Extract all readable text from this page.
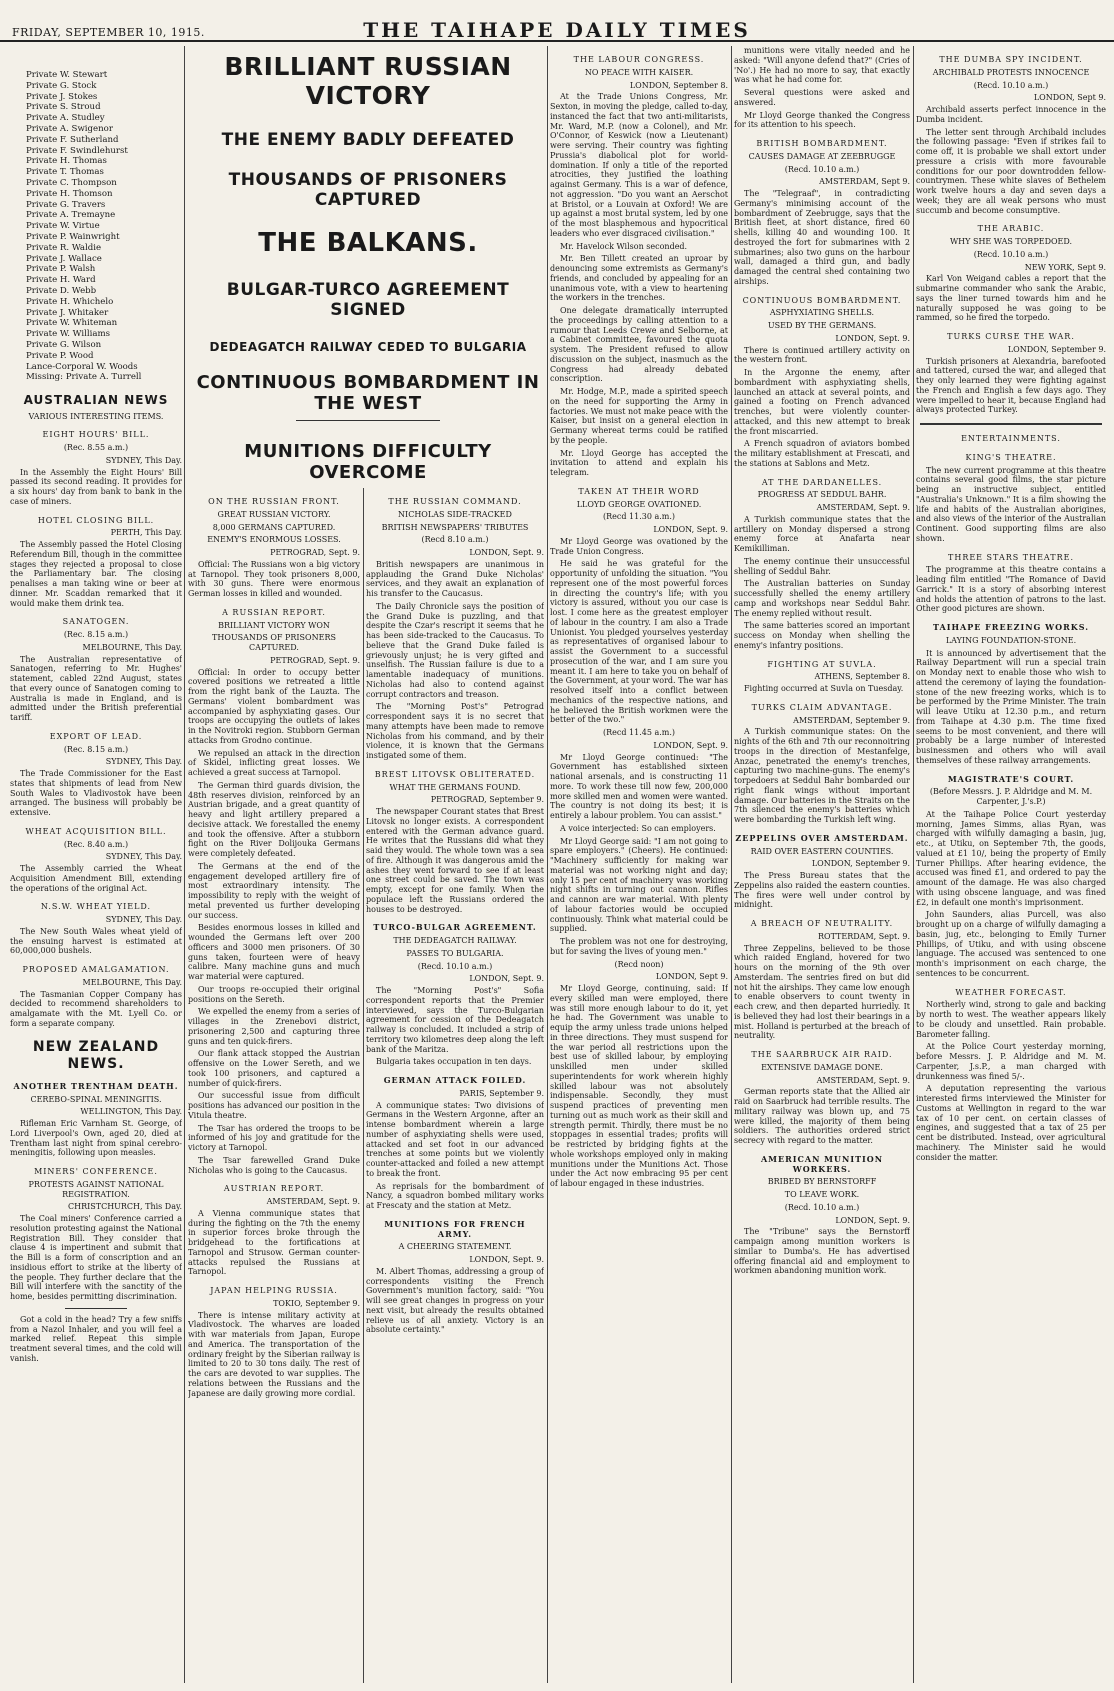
FRIDAY, SEPTEMBER 10, 1915.	THE TAIHAPE DAILY TIMES
Private W. Stewart
Private G. Stock
Private J. Stokes
Private S. Stroud
Private A. Studley
Private A. Swigenor
Private F. Sutherland
Private F. Swindlehurst
Private H. Thomas
Private T. Thomas
Private C. Thompson
Private H. Thomson
Private G. Travers
Private A. Tremayne
Private W. Virtue
Private P. Wainwright
Private R. Waldie
Private J. Wallace
Private P. Walsh
Private H. Ward
Private D. Webb
Private H. Whichelo
Private J. Whitaker
Private W. Whiteman
Private W. Williams
Private G. Wilson
Private P. Wood
Lance-Corporal W. Woods
Missing: Private A. Turrell
AUSTRALIAN NEWS
VARIOUS INTERESTING ITEMS.
EIGHT HOURS' BILL.
(Rec. 8.55 a.m.)
SYDNEY, This Day.

In the Assembly the Eight Hours' Bill passed its second reading. It provides for a six hours' day from bank to bank in the case of miners.

HOTEL CLOSING BILL.
PERTH, This Day.

The Assembly passed the Hotel Closing Referendum Bill, though in the committee stages they rejected a proposal to close the Parliamentary bar. The closing penalises a man taking wine or beer at dinner. Mr. Scaddan remarked that it would make them drink tea.

SANATOGEN.
(Rec. 8.15 a.m.)
MELBOURNE, This Day.

The Australian representative of Sanatogen, referring to Mr. Hughes' statement, cabled 22nd August, states that every ounce of Sanatogen coming to Australia is made in England, and is admitted under the British preferential tariff.

EXPORT OF LEAD.
(Rec. 8.15 a.m.)
SYDNEY, This Day.

The Trade Commissioner for the East states that shipments of lead from New South Wales to Vladivostok have been arranged. The business will probably be extensive.

WHEAT ACQUISITION BILL.
(Rec. 8.40 a.m.)
SYDNEY, This Day.

The Assembly carried the Wheat Acquisition Amendment Bill, extending the operations of the original Act.

N.S.W. WHEAT YIELD.
SYDNEY, This Day.

The New South Wales wheat yield of the ensuing harvest is estimated at 60,000,000 bushels.

PROPOSED AMALGAMATION.
MELBOURNE, This Day.

The Tasmanian Copper Company has decided to recommend shareholders to amalgamate with the Mt. Lyell Co. or form a separate company.

NEW ZEALAND NEWS.
ANOTHER TRENTHAM DEATH.
CEREBO-SPINAL MENINGITIS.
WELLINGTON, This Day.

Rifleman Eric Varnham St. George, of Lord Liverpool's Own, aged 20, died at Trentham last night from spinal cerebro-meningitis, following upon measles.

MINERS' CONFERENCE.
PROTESTS AGAINST NATIONAL REGISTRATION.
CHRISTCHURCH, This Day.

The Coal miners' Conference carried a resolution protesting against the National Registration Bill. They consider that clause 4 is impertinent and submit that the Bill is a form of conscription and an insidious effort to strike at the liberty of the people. They further declare that the Bill will interfere with the sanctity of the home, besides permitting discrimination.

Got a cold in the head? Try a few sniffs from a Nazol Inhaler, and you will feel a marked relief. Repeat this simple treatment several times, and the cold will vanish.

BRILLIANT RUSSIAN VICTORY
THE ENEMY BADLY DEFEATED
THOUSANDS OF PRISONERS CAPTURED
THE BALKANS.
BULGAR-TURCO AGREEMENT SIGNED
DEDEAGATCH RAILWAY CEDED TO BULGARIA
CONTINUOUS BOMBARDMENT IN THE WEST
MUNITIONS DIFFICULTY OVERCOME
ON THE RUSSIAN FRONT.
GREAT RUSSIAN VICTORY.
8,000 GERMANS CAPTURED.
ENEMY'S ENORMOUS LOSSES.
PETROGRAD, Sept. 9.

Official: The Russians won a big victory at Tarnopol. They took prisoners 8,000, with 30 guns. There were enormous German losses in killed and wounded.

A RUSSIAN REPORT.
BRILLIANT VICTORY WON
THOUSANDS OF PRISONERS CAPTURED.
PETROGRAD, Sept. 9.

Official: In order to occupy better covered positions we retreated a little from the right bank of the Lauzta. The Germans' violent bombardment was accompanied by asphyxiating gases. Our troops are occupying the outlets of lakes in the Novitroki region. Stubborn German attacks from Grodno continue.

We repulsed an attack in the direction of Skidel, inflicting great losses. We achieved a great success at Tarnopol.

The German third guards division, the 48th reserves division, reinforced by an Austrian brigade, and a great quantity of heavy and light artillery prepared a decisive attack. We forestalled the enemy and took the offensive. After a stubborn fight on the River Dolijouka Germans were completely defeated.

The Germans at the end of the engagement developed artillery fire of most extraordinary intensity. The impossibility to reply with the weight of metal prevented us further developing our success.

Besides enormous losses in killed and wounded the Germans left over 200 officers and 3000 men prisoners. Of 30 guns taken, fourteen were of heavy calibre. Many machine guns and much war material were captured.

Our troops re-occupied their original positions on the Sereth.

We expelled the enemy from a series of villages in the Zrenebovi district, prisonering 2,500 and capturing three guns and ten quick-firers.

Our flank attack stopped the Austrian offensive on the Lower Sereth, and we took 100 prisoners, and captured a number of quick-firers.

Our successful issue from difficult positions has advanced our position in the Vitula theatre.

The Tsar has ordered the troops to be informed of his joy and gratitude for the victory at Tarnopol.

The Tsar farewelled Grand Duke Nicholas who is going to the Caucasus.

AUSTRIAN REPORT.
AMSTERDAM, Sept. 9.

A Vienna communique states that during the fighting on the 7th the enemy in superior forces broke through the bridgehead to the fortifications at Tarnopol and Strusow. German counter-attacks repulsed the Russians at Tarnopol.

JAPAN HELPING RUSSIA.
TOKIO, September 9.

There is intense military activity at Vladivostock. The wharves are loaded with war materials from Japan, Europe and America. The transportation of the ordinary freight by the Siberian railway is limited to 20 to 30 tons daily. The rest of the cars are devoted to war supplies. The relations between the Russians and the Japanese are daily growing more cordial.

THE RUSSIAN COMMAND.
NICHOLAS SIDE-TRACKED
BRITISH NEWSPAPERS' TRIBUTES
(Recd 8.10 a.m.)
LONDON, Sept. 9.

British newspapers are unanimous in applauding the Grand Duke Nicholas' services, and they await an explanation of his transfer to the Caucasus.

The Daily Chronicle says the position of the Grand Duke is puzzling, and that despite the Czar's rescript it seems that he has been side-tracked to the Caucasus. To believe that the Grand Duke failed is grievously unjust; he is very gifted and unselfish. The Russian failure is due to a lamentable inadequacy of munitions. Nicholas had also to contend against corrupt contractors and treason.

The "Morning Post's" Petrograd correspondent says it is no secret that many attempts have been made to remove Nicholas from his command, and by their violence, it is known that the Germans instigated some of them.

BREST LITOVSK OBLITERATED.
WHAT THE GERMANS FOUND.
PETROGRAD, September 9.

The newspaper Courant states that Brest Litovsk no longer exists. A correspondent entered with the German advance guard. He writes that the Russians did what they said they would. The whole town was a sea of fire. Although it was dangerous amid the ashes they went forward to see if at least one street could be saved. The town was empty, except for one family. When the populace left the Russians ordered the houses to be destroyed.

TURCO-BULGAR AGREEMENT.
THE DEDEAGATCH RAILWAY.
PASSES TO BULGARIA.
(Recd. 10.10 a.m.)
LONDON, Sept. 9.

The "Morning Post's" Sofia correspondent reports that the Premier interviewed, says the Turco-Bulgarian agreement for cession of the Dedeagatch railway is concluded. It included a strip of territory two kilometres deep along the left bank of the Maritza.

Bulgaria takes occupation in ten days.

GERMAN ATTACK FOILED.
PARIS, September 9.

A communique states: Two divisions of Germans in the Western Argonne, after an intense bombardment wherein a large number of asphyxiating shells were used, attacked and set foot in our advanced trenches at some points but we violently counter-attacked and foiled a new attempt to break the front.

As reprisals for the bombardment of Nancy, a squadron bombed military works at Frescaty and the station at Metz.

MUNITIONS FOR FRENCH ARMY.
A CHEERING STATEMENT.
LONDON, Sept. 9.

M. Albert Thomas, addressing a group of correspondents visiting the French Government's munition factory, said: "You will see great changes in progress on your next visit, but already the results obtained relieve us of all anxiety. Victory is an absolute certainty."

THE LABOUR CONGRESS.
NO PEACE WITH KAISER.
LONDON, September 8.

At the Trade Unions Congress, Mr. Sexton, in moving the pledge, called to-day, instanced the fact that two anti-militarists, Mr. Ward, M.P. (now a Colonel), and Mr. O'Connor, of Keswick (now a Lieutenant) were serving. Their country was fighting Prussia's diabolical plot for world-domination. If only a title of the reported atrocities, they justified the loathing against Germany. This is a war of defence, not aggression. "Do you want an Aerschot at Bristol, or a Louvain at Oxford! We are up against a most brutal system, led by one of the most blasphemous and hypocritical leaders who ever disgraced civilisation."

Mr. Havelock Wilson seconded.

Mr. Ben Tillett created an uproar by denouncing some extremists as Germany's friends, and concluded by appealing for an unanimous vote, with a view to heartening the workers in the trenches.

One delegate dramatically interrupted the proceedings by calling attention to a rumour that Leeds Crewe and Selborne, at a Cabinet committee, favoured the quota system. The President refused to allow discussion on the subject, inasmuch as the Congress had already debated conscription.

Mr. Hodge, M.P., made a spirited speech on the need for supporting the Army in factories. We must not make peace with the Kaiser, but insist on a general election in Germany whereat terms could be ratified by the people.

Mr. Lloyd George has accepted the invitation to attend and explain his telegram.

TAKEN AT THEIR WORD
LLOYD GEORGE OVATIONED.
(Recd 11.30 a.m.)
LONDON, Sept. 9.

Mr Lloyd George was ovationed by the Trade Union Congress.

He said he was grateful for the opportunity of unfolding the situation. "You represent one of the most powerful forces in directing the country's life; with you victory is assured, without you our case is lost. I come here as the greatest employer of labour in the country. I am also a Trade Unionist. You pledged yourselves yesterday as representatives of organised labour to assist the Government to a successful prosecution of the war, and I am sure you meant it. I am here to take you on behalf of the Government, at your word. The war has resolved itself into a conflict between mechanics of the respective nations, and he believed the British workmen were the better of the two."

(Recd 11.45 a.m.)
LONDON, Sept. 9.

Mr Lloyd George continued: "The Government has established sixteen national arsenals, and is constructing 11 more. To work these till now few, 200,000 more skilled men and women were wanted. The country is not doing its best; it is entirely a labour problem. You can assist."

A voice interjected: So can employers.

Mr Lloyd George said: "I am not going to spare employers." (Cheers). He continued: "Machinery sufficiently for making war material was not working night and day; only 15 per cent of machinery was working night shifts in turning out cannon. Rifles and cannon are war material. With plenty of labour factories would be occupied continuously. Think what material could be supplied.

The problem was not one for destroying, but for saving the lives of young men."

(Recd noon)
LONDON, Sept 9.

Mr Lloyd George, continuing, said: If every skilled man were employed, there was still more enough labour to do it, yet he had. The Government was unable to equip the army unless trade unions helped in three directions. They must suspend for the war period all restrictions upon the best use of skilled labour, by employing unskilled men under skilled superintendents for work wherein highly skilled labour was not absolutely indispensable. Secondly, they must suspend practices of preventing men turning out as much work as their skill and strength permit. Thirdly, there must be no stoppages in essential trades; profits will be restricted by bridging fights at the whole workshops employed only in making munitions under the Munitions Act. Those under the Act now embracing 95 per cent of labour engaged in these industries.

munitions were vitally needed and he asked: "Will anyone defend that?" (Cries of 'No'.) He had no more to say, that exactly was what he had come for.

Several questions were asked and answered.

Mr Lloyd George thanked the Congress for its attention to his speech.

BRITISH BOMBARDMENT.
CAUSES DAMAGE AT ZEEBRUGGE
(Recd. 10.10 a.m.)
AMSTERDAM, Sept 9.

The "Telegraaf", in contradicting Germany's minimising account of the bombardment of Zeebrugge, says that the British fleet, at short distance, fired 60 shells, killing 40 and wounding 100. It destroyed the fort for submarines with 2 submarines; also two guns on the harbour wall, damaged a third gun, and badly damaged the central shed containing two airships.

CONTINUOUS BOMBARDMENT.
ASPHYXIATING SHELLS.
USED BY THE GERMANS.
LONDON, Sept. 9.

There is continued artillery activity on the western front.

In the Argonne the enemy, after bombardment with asphyxiating shells, launched an attack at several points, and gained a footing on French advanced trenches, but were violently counter-attacked, and this new attempt to break the front miscarried.

A French squadron of aviators bombed the military establishment at Frescati, and the stations at Sablons and Metz.

AT THE DARDANELLES.
PROGRESS AT SEDDUL BAHR.
AMSTERDAM, Sept. 9.

A Turkish communique states that the artillery on Monday dispersed a strong enemy force at Anafarta near Kemikilliman.

The enemy continue their unsuccessful shelling of Seddul Bahr.

The Australian batteries on Sunday successfully shelled the enemy artillery camp and workshops near Seddul Bahr. The enemy replied without result.

The same batteries scored an important success on Monday when shelling the enemy's infantry positions.

FIGHTING AT SUVLA.
ATHENS, September 8.

Fighting occurred at Suvla on Tuesday.

TURKS CLAIM ADVANTAGE.
AMSTERDAM, September 9.

A Turkish communique states: On the nights of the 6th and 7th our reconnoitring troops in the direction of Mestanfelge, Anzac, penetrated the enemy's trenches, capturing two machine-guns. The enemy's torpedoers at Seddul Bahr bombarded our right flank wings without important damage. Our batteries in the Straits on the 7th silenced the enemy's batteries which were bombarding the Turkish left wing.

ZEPPELINS OVER AMSTERDAM.
RAID OVER EASTERN COUNTIES.
LONDON, September 9.

The Press Bureau states that the Zeppelins also raided the eastern counties. The fires were well under control by midnight.

A BREACH OF NEUTRALITY.
ROTTERDAM, Sept. 9.

Three Zeppelins, believed to be those which raided England, hovered for two hours on the morning of the 9th over Amsterdam. The sentries fired on but did not hit the airships. They came low enough to enable observers to count twenty in each crew, and then departed hurriedly. It is believed they had lost their bearings in a mist. Holland is perturbed at the breach of neutrality.

THE SAARBRUCK AIR RAID.
EXTENSIVE DAMAGE DONE.
AMSTERDAM, Sept. 9.

German reports state that the Allied air raid on Saarbruck had terrible results. The military railway was blown up, and 75 were killed, the majority of them being soldiers. The authorities ordered strict secrecy with regard to the matter.

AMERICAN MUNITION WORKERS.
BRIBED BY BERNSTORFF
TO LEAVE WORK.
(Recd. 10.10 a.m.)
LONDON, Sept. 9.

The "Tribune" says the Bernstorff campaign among munition workers is similar to Dumba's. He has advertised offering financial aid and employment to workmen abandoning munition work.

THE DUMBA SPY INCIDENT.
ARCHIBALD PROTESTS INNOCENCE
(Recd. 10.10 a.m.)
LONDON, Sept 9.

Archibald asserts perfect innocence in the Dumba incident.

The letter sent through Archibald includes the following passage: "Even if strikes fail to come off, it is probable we shall extort under pressure a crisis with more favourable conditions for our poor downtrodden fellow-countrymen. These white slaves of Bethelem work twelve hours a day and seven days a week; they are all weak persons who must succumb and become consumptive.

THE ARABIC.
WHY SHE WAS TORPEDOED.
(Recd. 10.10 a.m.)
NEW YORK, Sept 9.

Karl Von Weigand cables a report that the submarine commander who sank the Arabic, says the liner turned towards him and he naturally supposed he was going to be rammed, so he fired the torpedo.

TURKS CURSE THE WAR.
LONDON, September 9.

Turkish prisoners at Alexandria, barefooted and tattered, cursed the war, and alleged that they only learned they were fighting against the French and English a few days ago. They were impelled to hear it, because England had always protected Turkey.

ENTERTAINMENTS.
KING'S THEATRE.

The new current programme at this theatre contains several good films, the star picture being an instructive subject, entitled "Australia's Unknown." It is a film showing the life and habits of the Australian aborigines, and also views of the interior of the Australian Continent. Good supporting films are also shown.

THREE STARS THEATRE.

The programme at this theatre contains a leading film entitled "The Romance of David Garrick." It is a story of absorbing interest and holds the attention of patrons to the last. Other good pictures are shown.

TAIHAPE FREEZING WORKS.
LAYING FOUNDATION-STONE.

It is announced by advertisement that the Railway Department will run a special train on Monday next to enable those who wish to attend the ceremony of laying the foundation-stone of the new freezing works, which is to be performed by the Prime Minister. The train will leave Utiku at 12.30 p.m., and return from Taihape at 4.30 p.m. The time fixed seems to be most convenient, and there will probably be a large number of interested businessmen and others who will avail themselves of these railway arrangements.

MAGISTRATE'S COURT.
(Before Messrs. J. P. Aldridge and M. M. Carpenter, J.'s.P.)

At the Taihape Police Court yesterday morning, James Simms, alias Ryan, was charged with wilfully damaging a basin, jug, etc., at Utiku, on September 7th, the goods, valued at £1 10/, being the property of Emily Turner Phillips. After hearing evidence, the accused was fined £1, and ordered to pay the amount of the damage. He was also charged with using obscene language, and was fined £2, in default one month's imprisonment.

John Saunders, alias Purcell, was also brought up on a charge of wilfully damaging a basin, jug, etc., belonging to Emily Turner Phillips, of Utiku, and with using obscene language. The accused was sentenced to one month's imprisonment on each charge, the sentences to be concurrent.

WEATHER FORECAST.

Northerly wind, strong to gale and backing by north to west. The weather appears likely to be cloudy and unsettled. Rain probable. Barometer falling.

At the Police Court yesterday morning, before Messrs. J. P. Aldridge and M. M. Carpenter, J.s.P., a man charged with drunkenness was fined 5/-.

A deputation representing the various interested firms interviewed the Minister for Customs at Wellington in regard to the war tax of 10 per cent. on certain classes of engines, and suggested that a tax of 25 per cent be distributed. Instead, over agricultural machinery. The Minister said he would consider the matter.
